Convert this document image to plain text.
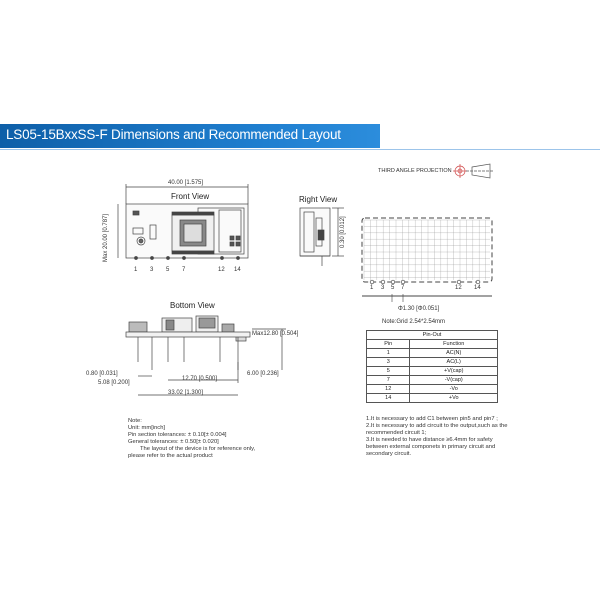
LS05-15BxxSS-F Dimensions and Recommended Layout
THIRD ANGLE PROJECTION
Front View
40.00 [1.575]
Max 20.00 [0.787]
1 3 5 7	12 14
Right View
0.30 [0.012]
1 3 5 7	12 14
Φ1.30 [Φ0.051]
Note:Grid 2.54*2.54mm
Bottom View
Max12.80 [0.504]
0.80 [0.031]
5.08 [0.200]
12.70 [0.500]
33.02 [1.300]
6.00 [0.236]
Pin-Out	
Pin	Function
1	AC(N)
3	AC(L)
5	+V(cap)
7	-V(cap)
12	-Vo
14	+Vo
Note:
Unit: mm[inch]
Pin section tolerances: ± 0.10[± 0.004]
General tolerances: ± 0.50[± 0.020]
The layout of the device is for reference only,
please refer to the actual product
1.It is necessary to add C1 between pin5 and pin7 ;
2.It is necessary to add circuit to the output,such as the
recommended circuit 1;
3.It is needed to have distance ≥6.4mm for safety
between external componets in primary circuit and
secondary circuit.
